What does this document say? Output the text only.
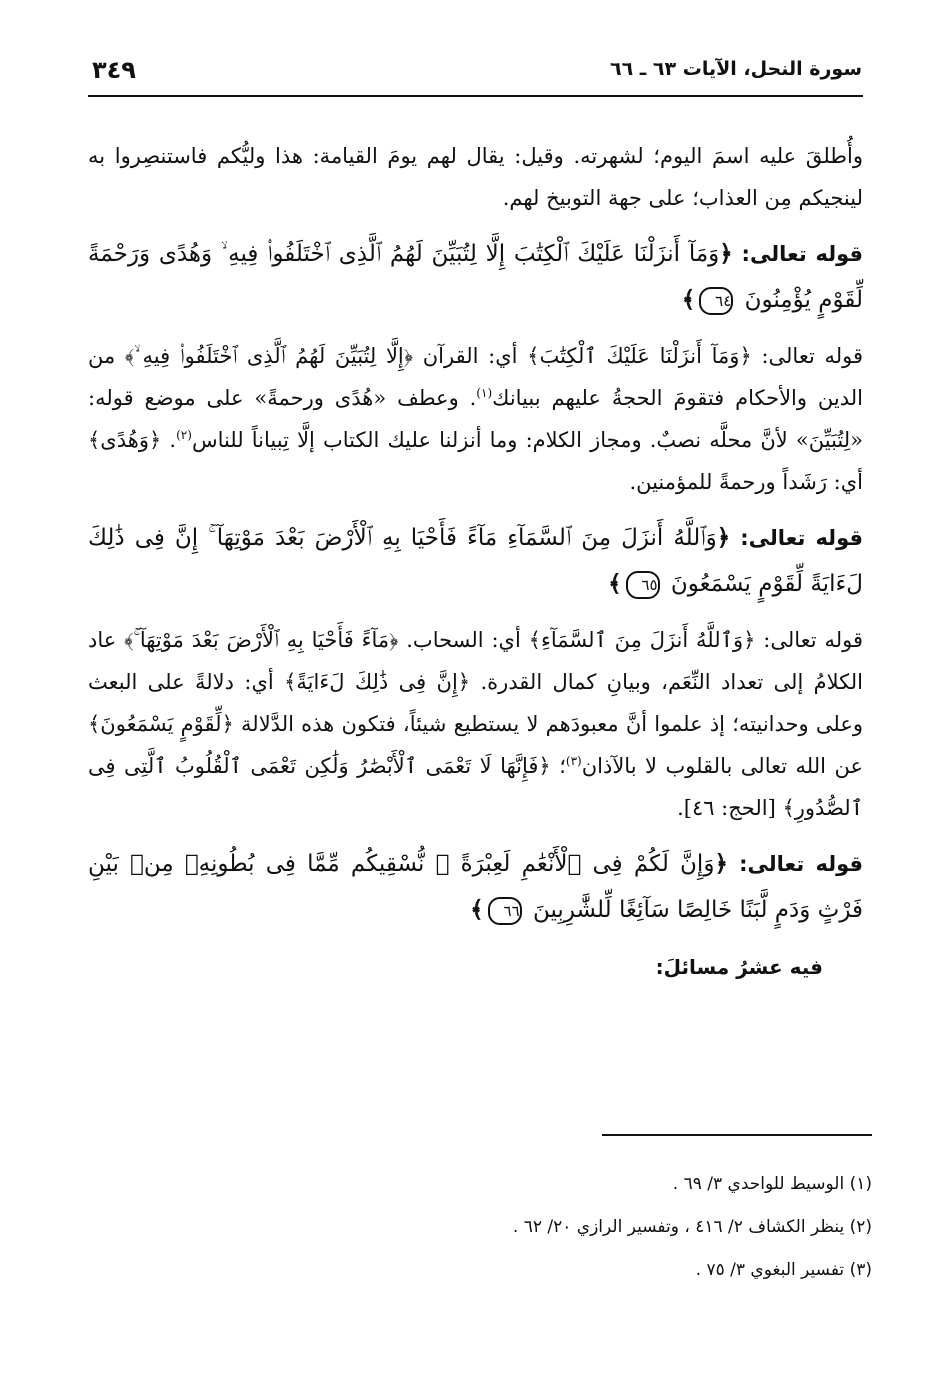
سورة النحل، الآيات ٦٣ ـ ٦٦
٣٤٩

وأُطلقَ عليه اسمَ اليوم؛ لشهرته. وقيل: يقال لهم يومَ القيامة: هذا وليُّكم فاستنصِروا به لينجيكم مِن العذاب؛ على جهة التوبيخ لهم.

قوله تعالى: ﴿وَمَآ أَنزَلْنَا عَلَيْكَ ٱلْكِتَٰبَ إِلَّا لِتُبَيِّنَ لَهُمُ ٱلَّذِى ٱخْتَلَفُوا۟ فِيهِ ۙ وَهُدًى وَرَحْمَةً لِّقَوْمٍ يُؤْمِنُونَ ٦٤﴾

قوله تعالى: ﴿وَمَآ أَنزَلْنَا عَلَيْكَ ٱلْكِتَٰبَ﴾ أي: القرآن ﴿إِلَّا لِتُبَيِّنَ لَهُمُ ٱلَّذِى ٱخْتَلَفُوا۟ فِيهِ ۙ﴾ من الدين والأحكام فتقومَ الحجةُ عليهم ببيانك$^{(١)}$. وعطف «هُدًى ورحمةً» على موضع قوله: «لِتُبَيِّنَ» لأنَّ محلَّه نصبٌ. ومجاز الكلام: وما أنزلنا عليك الكتاب إلَّا تِبياناً للناس$^{(٢)}$. ﴿وَهُدًى﴾ أي: رَشَداً ورحمةً للمؤمنين.

قوله تعالى: ﴿وَٱللَّهُ أَنزَلَ مِنَ ٱلسَّمَآءِ مَآءً فَأَحْيَا بِهِ ٱلْأَرْضَ بَعْدَ مَوْتِهَآ ۚ إِنَّ فِى ذَٰلِكَ لَءَايَةً لِّقَوْمٍ يَسْمَعُونَ ٦٥﴾

قوله تعالى: ﴿وَٱللَّهُ أَنزَلَ مِنَ ٱلسَّمَآءِ﴾ أي: السحاب. ﴿مَآءً فَأَحْيَا بِهِ ٱلْأَرْضَ بَعْدَ مَوْتِهَآ ۚ﴾ عاد الكلامُ إلى تعداد النِّعَم، وبيانِ كمال القدرة. ﴿إِنَّ فِى ذَٰلِكَ لَءَايَةً﴾ أي: دلالةً على البعث وعلى وحدانيته؛ إذ علموا أنَّ معبودَهم لا يستطيع شيئاً، فتكون هذه الدَّلالة ﴿لِّقَوْمٍ يَسْمَعُونَ﴾ عن الله تعالى بالقلوب لا بالآذان$^{(٣)}$؛ ﴿فَإِنَّهَا لَا تَعْمَى ٱلْأَبْصَٰرُ وَلَٰكِن تَعْمَى ٱلْقُلُوبُ ٱلَّتِى فِى ٱلصُّدُورِ﴾ [الحج: ٤٦].

قوله تعالى: ﴿وَإِنَّ لَكُمْ فِى ٱلْأَنْعَٰمِ لَعِبْرَةً ۖ نُّسْقِيكُم مِّمَّا فِى بُطُونِهِۦ مِنۢ بَيْنِ فَرْثٍ وَدَمٍ لَّبَنًا خَالِصًا سَآئِغًا لِّلشَّٰرِبِينَ ٦٦﴾

فيه عشرُ مسائلَ:
(١) الوسيط للواحدي ٣/ ٦٩ .
(٢) ينظر الكشاف ٢/ ٤١٦ ، وتفسير الرازي ٢٠/ ٦٢ .
(٣) تفسير البغوي ٣/ ٧٥ .
